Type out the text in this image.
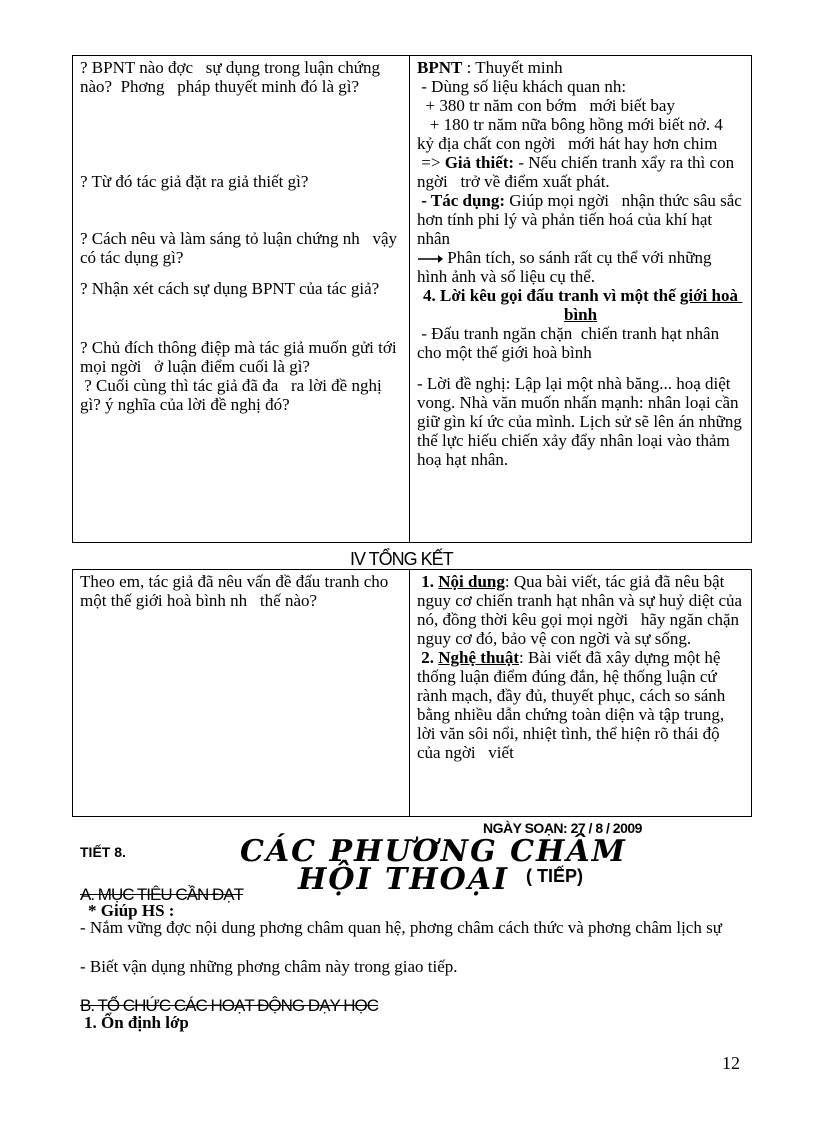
? BPNT nào đợc   sự dụng trong luận chứng nào?  Phơng   pháp thuyết minh đó là gì?
? Từ đó tác giả đặt ra giả thiết gì?
? Cách nêu và làm sáng tỏ luận chứng nh   vậy có tác dụng gì?
? Nhận xét cách sự dụng BPNT của tác giả?
? Chủ đích thông điệp mà tác giả muốn gửi tới mọi ngời   ở luận điểm cuối là gì?
? Cuối cùng thì tác giả đã đa   ra lời đề nghị gì? ý nghĩa của lời đề nghị đó?

BPNT : Thuyết minh
- Dùng số liệu khách quan nh:
+ 380 tr năm con bớm   mới biết bay
+ 180 tr năm nữa bông hồng mới biết nở. 4 kỷ địa chất con ngời   mới hát hay hơn chim
=> Giả thiết: - Nếu chiến tranh xẩy ra thì con ngời   trở về điểm xuất phát.
- Tác dụng: Giúp mọi ngời   nhận thức sâu sắc hơn tính phi lý và phản tiến hoá của khí hạt nhân
Phân tích, so sánh rất cụ thể với những hình ảnh và số liệu cụ thể.
4. Lời kêu gọi đấu tranh vì một thế giới hoà bình
- Đấu tranh ngăn chặn  chiến tranh hạt nhân cho một thế giới hoà bình
- Lời đề nghị: Lập lại một nhà băng... hoạ diệt vong. Nhà văn muốn nhấn mạnh: nhân loại cần giữ gìn kí ức của mình. Lịch sử sẽ lên án những thế lực hiếu chiến xảy đẩy nhân loại vào thảm hoạ hạt nhân.
IV TỔNG KẾT
Theo em, tác giả đã nêu vấn đề đấu tranh cho một thế giới hoà bình nh   thế nào?

1. Nội dung: Qua bài viết, tác giả đã nêu bật nguy cơ chiến tranh hạt nhân và sự huỷ diệt của nó, đồng thời kêu gọi mọi ngời   hãy ngăn chặn nguy cơ đó, bảo vệ con ngời và sự sống.
2. Nghệ thuật: Bài viết đã xây dựng một hệ thống luận điểm đúng đắn, hệ thống luận cứ rành mạch, đầy đủ, thuyết phục, cách so sánh bằng nhiều dẫn chứng toàn diện và tập trung, lời văn sôi nổi, nhiệt tình, thể hiện rõ thái độ của ngời   viết
NGÀY SOẠN: 27 / 8 / 2009
TIẾT 8.	CÁC PHƯƠNG CHÂM
HỘI THOẠI ( TIẾP)
A. MỤC TIÊU CẦN ĐẠT
* Giúp HS :
- Nắm vững đợc nội dung phơng châm quan hệ, phơng châm cách thức và phơng châm lịch sự
- Biết vận dụng những phơng châm này trong giao tiếp.
B. TỔ CHỨC CÁC HOẠT ĐỘNG DẠY HỌC
1. Ổn định lớp
12
